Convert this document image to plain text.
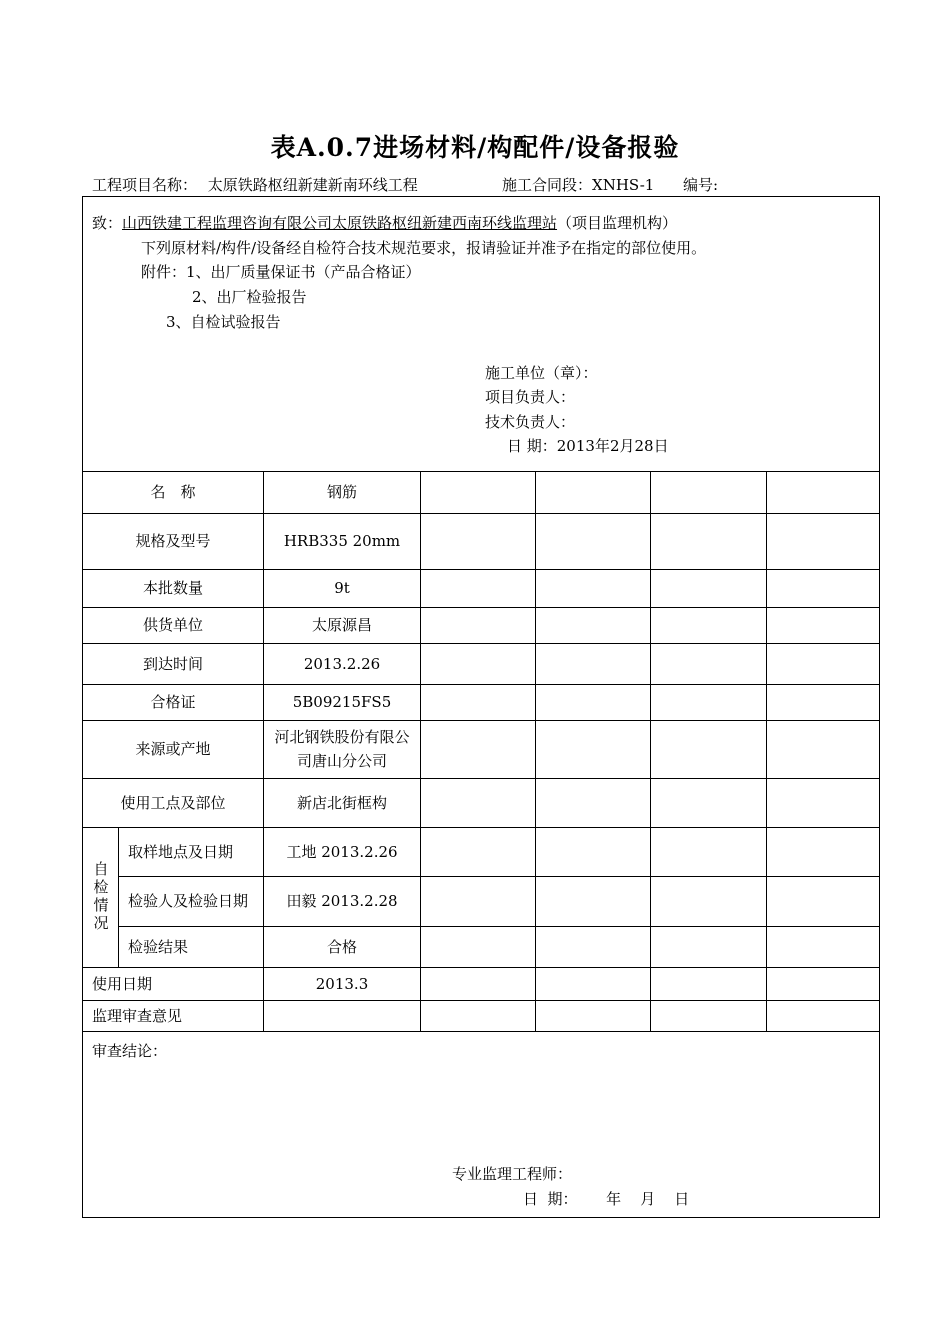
表A.0.7进场材料/构配件/设备报验
工程项目名称： 太原铁路枢纽新建新南环线工程	施工合同段：XNHS-1 编号:
致：山西铁建工程监理咨询有限公司太原铁路枢纽新建西南环线监理站（项目监理机构）
下列原材料/构件/设备经自检符合技术规范要求，报请验证并准予在指定的部位使用。
附件：1、出厂质量保证书（产品合格证）
2、出厂检验报告
3、自检试验报告
施工单位（章）：
项目负责人：
技术负责人：
日 期：2013年2月28日
名　称
规格及型号
本批数量
供货单位
到达时间
合格证
来源或产地
使用工点及部位
钢筋
HRB335 20mm
9t
太原源昌
2013.2.26
5B09215FS5
河北钢铁股份有限公司唐山分公司
新店北街框构
自检情况
取样地点及日期
检验人及检验日期
检验结果
工地 2013.2.26
田毅 2013.2.28
合格
使用日期	2013.3
监理审查意见
审查结论：
专业监理工程师：
日  期：      年    月    日
